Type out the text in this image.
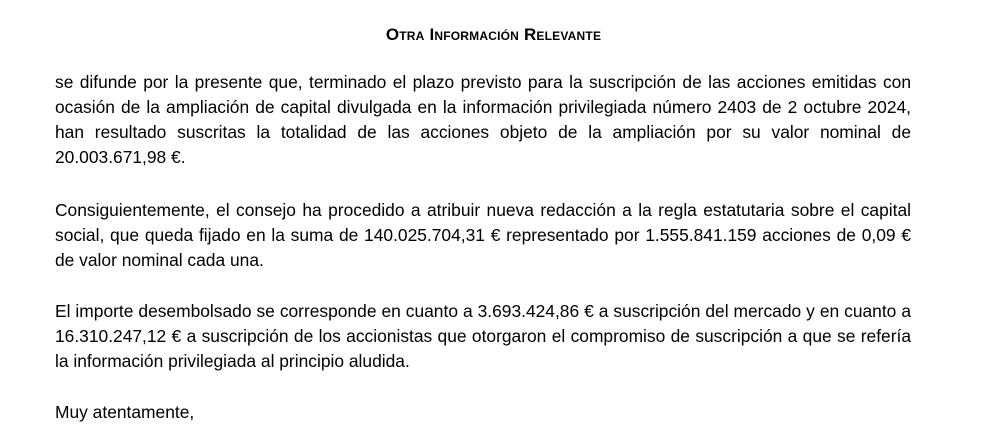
Otra Información Relevante

se difunde por la presente que, terminado el plazo previsto para la suscripción de las acciones emitidas con ocasión de la ampliación de capital divulgada en la información privilegiada número 2403 de 2 octubre 2024, han resultado suscritas la totalidad de las acciones objeto de la ampliación por su valor nominal de 20.003.671,98 €.

Consiguientemente, el consejo ha procedido a atribuir nueva redacción a la regla estatutaria sobre el capital social, que queda fijado en la suma de 140.025.704,31 € representado por 1.555.841.159 acciones de 0,09 € de valor nominal cada una.

El importe desembolsado se corresponde en cuanto a 3.693.424,86 € a suscripción del mercado y en cuanto a 16.310.247,12 € a suscripción de los accionistas que otorgaron el compromiso de suscripción a que se refería la información privilegiada al principio aludida.

Muy atentamente,
